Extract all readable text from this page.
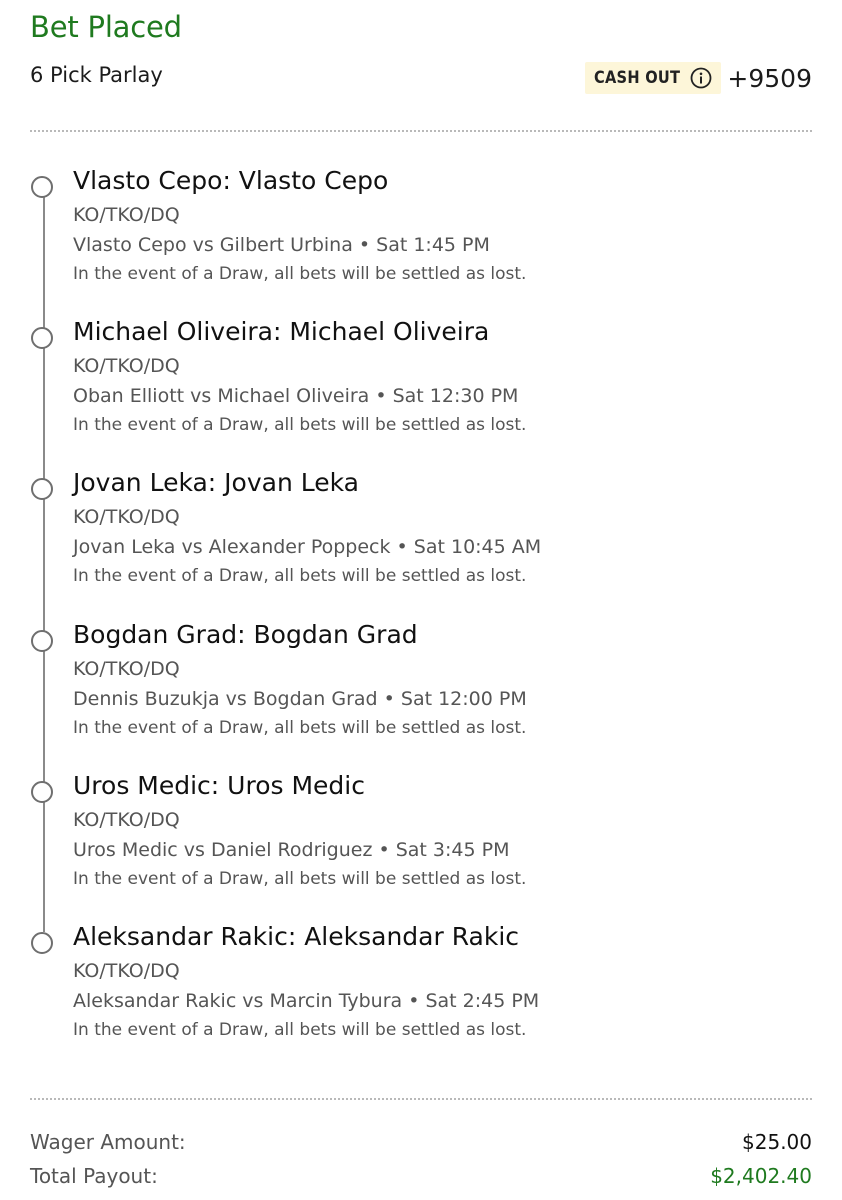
Bet Placed
6 Pick Parlay	CASH OUT +9509
Vlasto Cepo: Vlasto Cepo
KO/TKO/DQ
Vlasto Cepo vs Gilbert Urbina • Sat 1:45 PM
In the event of a Draw, all bets will be settled as lost.
Michael Oliveira: Michael Oliveira
KO/TKO/DQ
Oban Elliott vs Michael Oliveira • Sat 12:30 PM
In the event of a Draw, all bets will be settled as lost.
Jovan Leka: Jovan Leka
KO/TKO/DQ
Jovan Leka vs Alexander Poppeck • Sat 10:45 AM
In the event of a Draw, all bets will be settled as lost.
Bogdan Grad: Bogdan Grad
KO/TKO/DQ
Dennis Buzukja vs Bogdan Grad • Sat 12:00 PM
In the event of a Draw, all bets will be settled as lost.
Uros Medic: Uros Medic
KO/TKO/DQ
Uros Medic vs Daniel Rodriguez • Sat 3:45 PM
In the event of a Draw, all bets will be settled as lost.
Aleksandar Rakic: Aleksandar Rakic
KO/TKO/DQ
Aleksandar Rakic vs Marcin Tybura • Sat 2:45 PM
In the event of a Draw, all bets will be settled as lost.
Wager Amount:	$25.00
Total Payout:	$2,402.40
